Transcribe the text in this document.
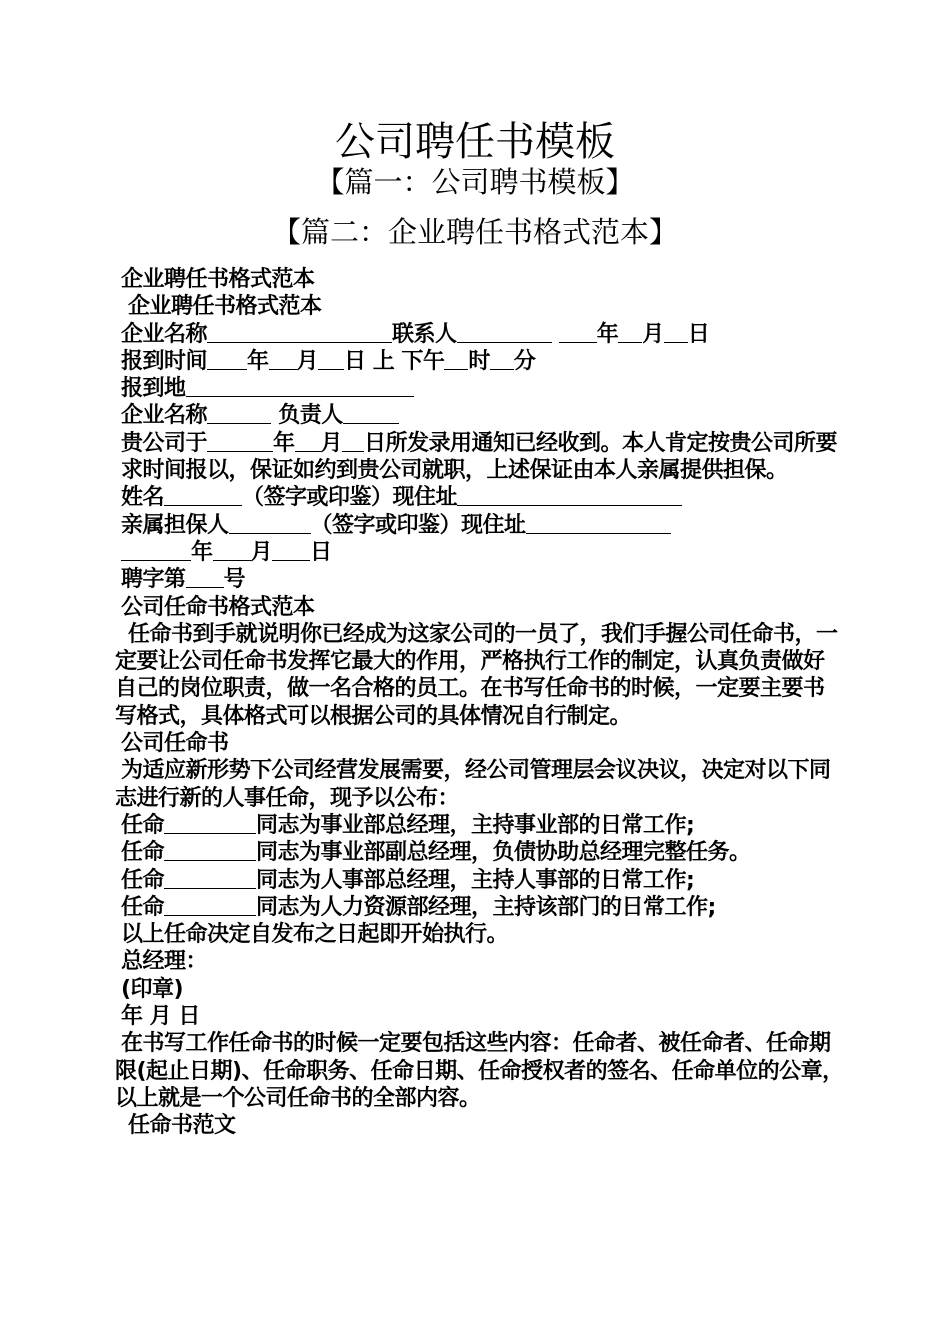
公司聘任书模板
【篇一：公司聘书模板】
【篇二：企业聘任书格式范本】
企业聘任书格式范本
企业聘任书格式范本
企业名称	联系人	年 月 日
报到时间 年 月 日 上 下午 时 分
报到地
企业名称	负责人
贵公司于	年 月 日所发录用通知已经收到。本人肯定按贵公司所要求时间报以，保证如约到贵公司就职，上述保证由本人亲属提供担保。
姓名	（签字或印鉴）现住址
亲属担保人	（签字或印鉴）现住址
年 月 日
聘字第 号
公司任命书格式范本
任命书到手就说明你已经成为这家公司的一员了，我们手握公司任命书，一定要让公司任命书发挥它最大的作用，严格执行工作的制定，认真负责做好自己的岗位职责，做一名合格的员工。在书写任命书的时候，一定要主要书写格式，具体格式可以根据公司的具体情况自行制定。
公司任命书
为适应新形势下公司经营发展需要，经公司管理层会议决议，决定对以下同志进行新的人事任命，现予以公布：
任命	同志为事业部总经理，主持事业部的日常工作;
任命	同志为事业部副总经理，负债协助总经理完整任务。
任命	同志为人事部总经理，主持人事部的日常工作;
任命	同志为人力资源部经理，主持该部门的日常工作;
以上任命决定自发布之日起即开始执行。
总经理：
(印章)
年 月 日
在书写工作任命书的时候一定要包括这些内容：任命者、被任命者、任命期限(起止日期)、任命职务、任命日期、任命授权者的签名、任命单位的公章，以上就是一个公司任命书的全部内容。
任命书范文
